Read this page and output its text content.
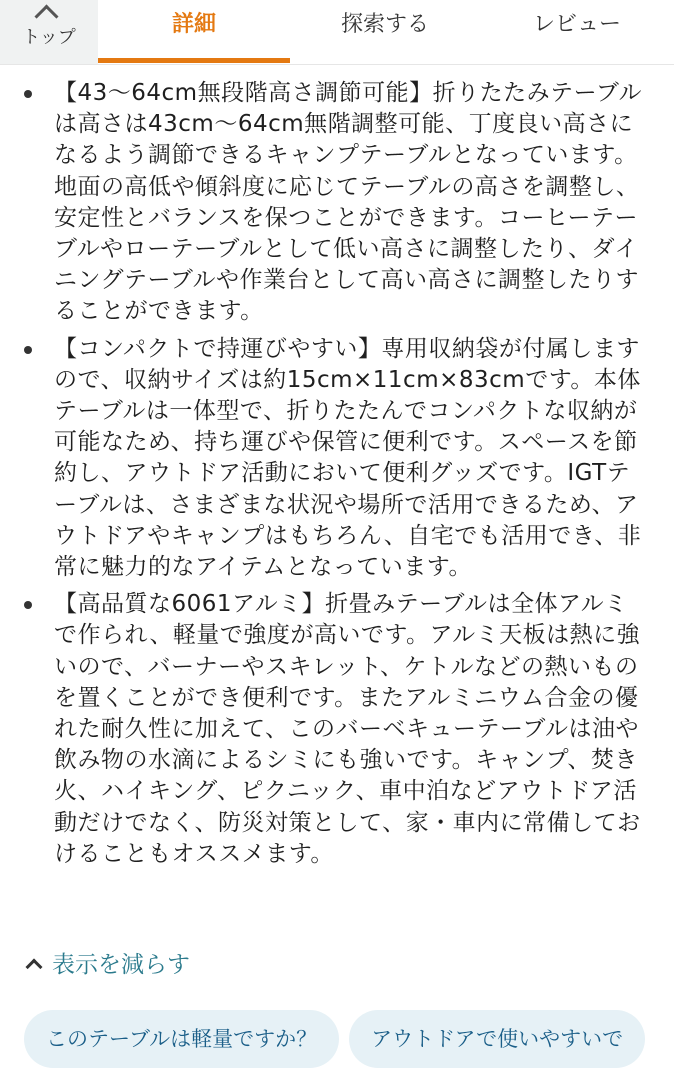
トップ
詳細	探索する	レビュー
【43～64cm無段階高さ調節可能】折りたたみテーブルは高さは43cm～64cm無階調整可能、丁度良い高さになるよう調節できるキャンプテーブルとなっています。地面の高低や傾斜度に応じてテーブルの高さを調整し、安定性とバランスを保つことができます。コーヒーテーブルやローテーブルとして低い高さに調整したり、ダイニングテーブルや作業台として高い高さに調整したりすることができます。
【コンパクトで持運びやすい】専用収納袋が付属しますので、収納サイズは約15cm×11cm×83cmです。本体テーブルは一体型で、折りたたんでコンパクトな収納が可能なため、持ち運びや保管に便利です。スペースを節約し、アウトドア活動において便利グッズです。IGTテーブルは、さまざまな状況や場所で活用できるため、アウトドアやキャンプはもちろん、自宅でも活用でき、非常に魅力的なアイテムとなっています。
【高品質な6061アルミ】折畳みテーブルは全体アルミで作られ、軽量で強度が高いです。アルミ天板は熱に強いので、バーナーやスキレット、ケトルなどの熱いものを置くことができ便利です。またアルミニウム合金の優れた耐久性に加えて、このバーベキューテーブルは油や飲み物の水滴によるシミにも強いです。キャンプ、焚き火、ハイキング、ピクニック、車中泊などアウトドア活動だけでなく、防災対策として、家・車内に常備しておけることもオススメます。
表示を減らす
このテーブルは軽量ですか？	アウトドアで使いやすいで
